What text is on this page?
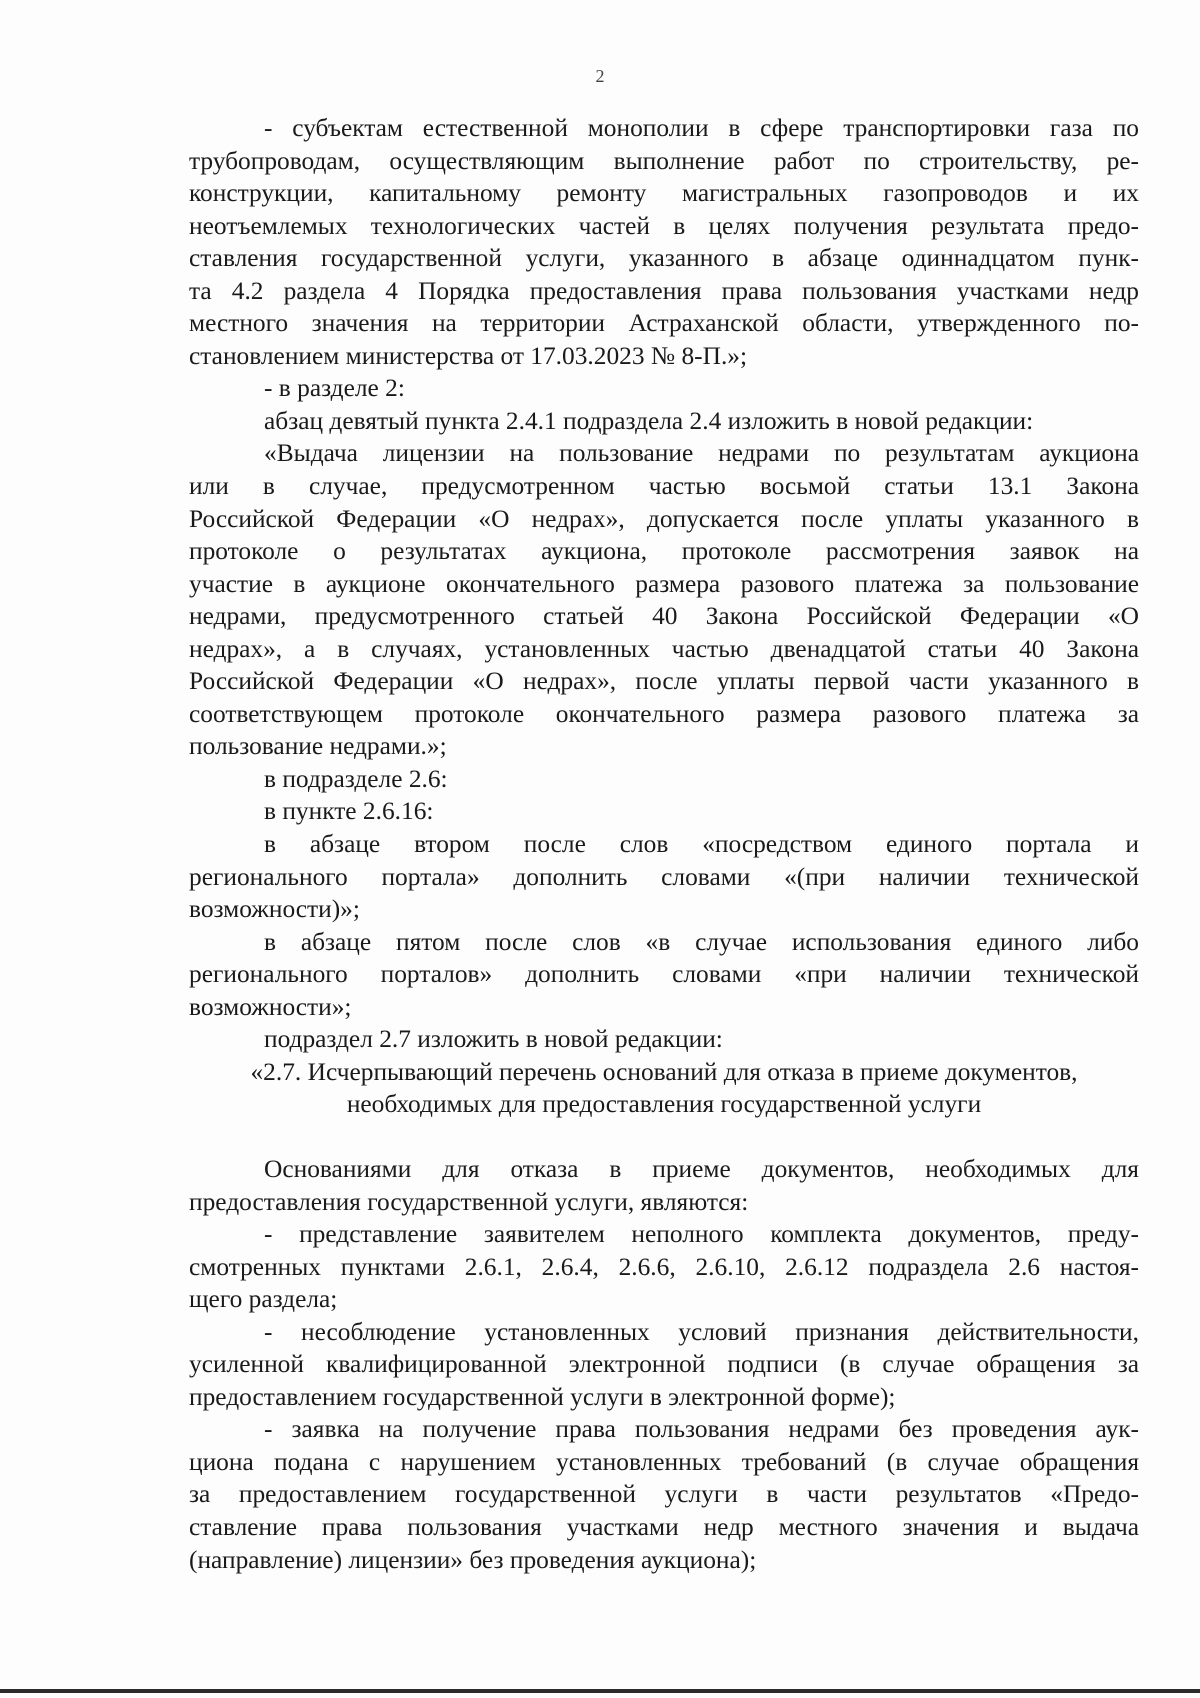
2
- субъектам естественной монополии в сфере транспортировки газа по
трубопроводам, осуществляющим выполнение работ по строительству, ре-
конструкции, капитальному ремонту магистральных газопроводов и их
неотъемлемых технологических частей в целях получения результата предо-
ставления государственной услуги, указанного в абзаце одиннадцатом пунк-
та 4.2 раздела 4 Порядка предоставления права пользования участками недр
местного значения на территории Астраханской области, утвержденного по-
становлением министерства от 17.03.2023 № 8-П.»;
- в разделе 2:
абзац девятый пункта 2.4.1 подраздела 2.4 изложить в новой редакции:
«Выдача лицензии на пользование недрами по результатам аукциона
или в случае, предусмотренном частью восьмой статьи 13.1 Закона
Российской Федерации «О недрах», допускается после уплаты указанного в
протоколе о результатах аукциона, протоколе рассмотрения заявок на
участие в аукционе окончательного размера разового платежа за пользование
недрами, предусмотренного статьей 40 Закона Российской Федерации «О
недрах», а в случаях, установленных частью двенадцатой статьи 40 Закона
Российской Федерации «О недрах», после уплаты первой части указанного в
соответствующем протоколе окончательного размера разового платежа за
пользование недрами.»;
в подразделе 2.6:
в пункте 2.6.16:
в абзаце втором после слов «посредством единого портала и
регионального портала» дополнить словами «(при наличии технической
возможности)»;
в абзаце пятом после слов «в случае использования единого либо
регионального порталов» дополнить словами «при наличии технической
возможности»;
подраздел 2.7 изложить в новой редакции:
«2.7. Исчерпывающий перечень оснований для отказа в приеме документов,
необходимых для предоставления государственной услуги
Основаниями для отказа в приеме документов, необходимых для
предоставления государственной услуги, являются:
- представление заявителем неполного комплекта документов, преду-
смотренных пунктами 2.6.1, 2.6.4, 2.6.6, 2.6.10, 2.6.12 подраздела 2.6 настоя-
щего раздела;
- несоблюдение установленных условий признания действительности,
усиленной квалифицированной электронной подписи (в случае обращения за
предоставлением государственной услуги в электронной форме);
- заявка на получение права пользования недрами без проведения аук-
циона подана с нарушением установленных требований (в случае обращения
за предоставлением государственной услуги в части результатов «Предо-
ставление права пользования участками недр местного значения и выдача
(направление) лицензии» без проведения аукциона);
